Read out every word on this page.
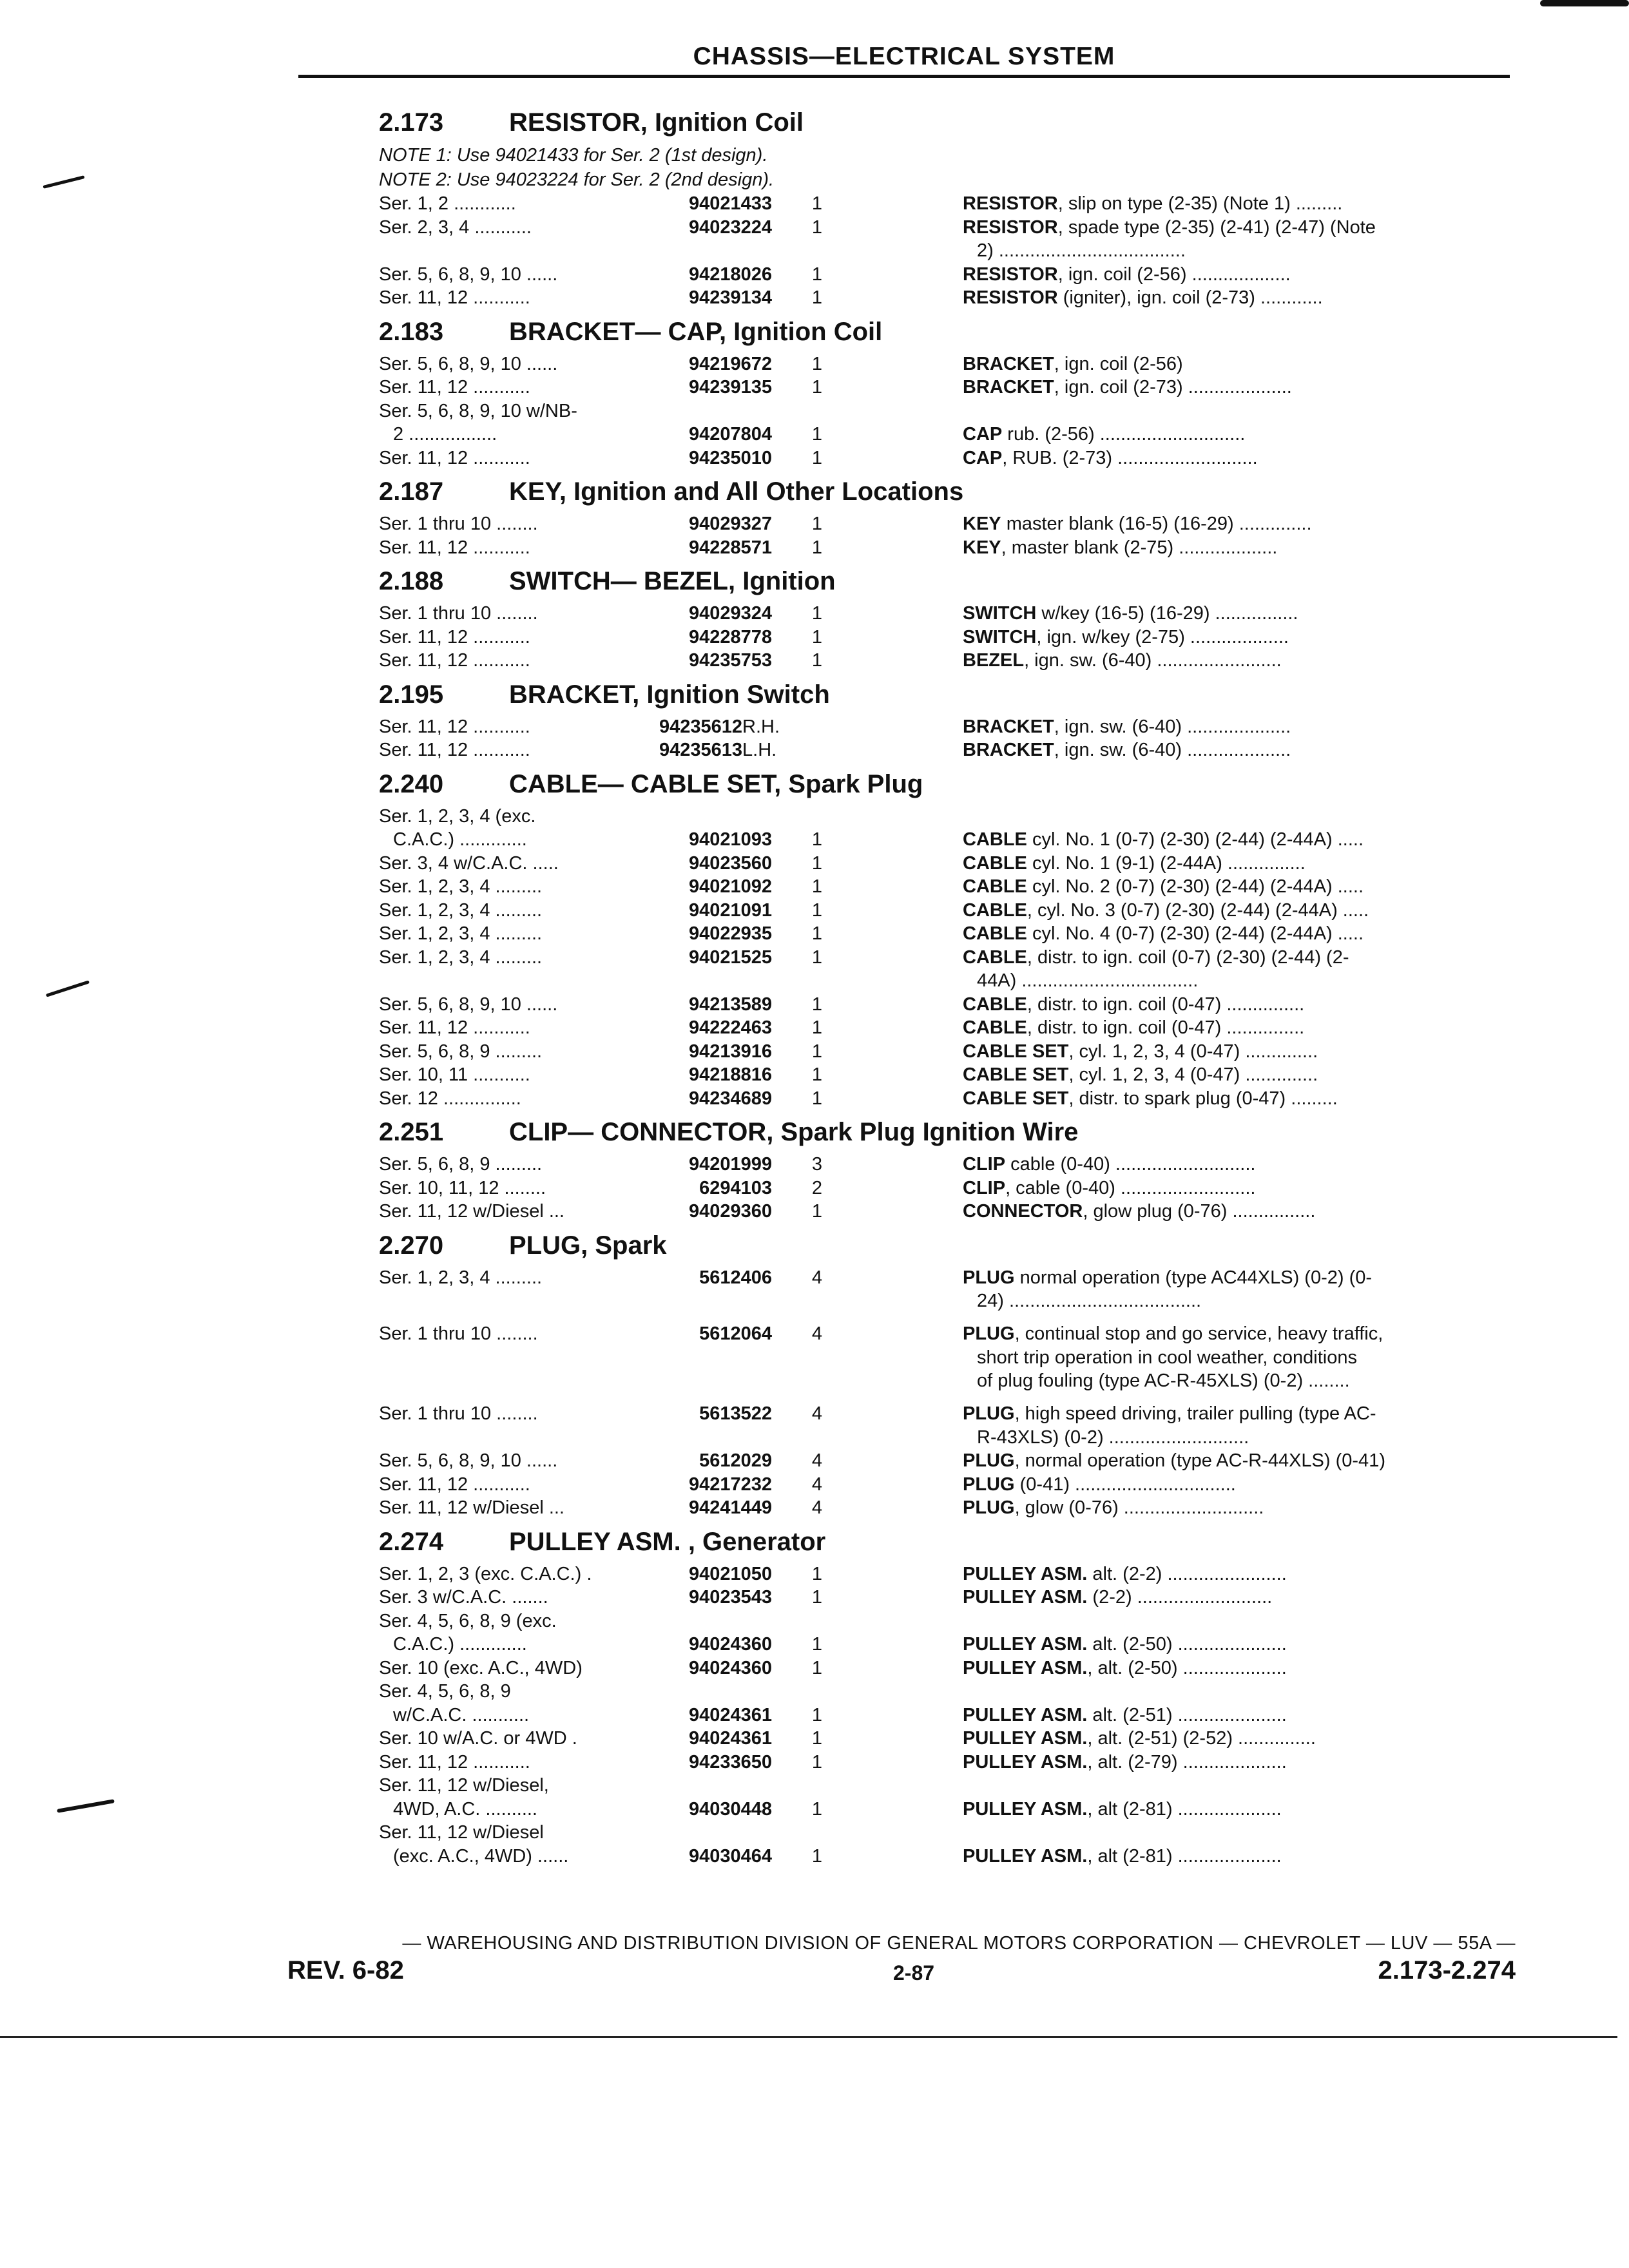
CHASSIS—ELECTRICAL SYSTEM
2.173	RESISTOR, Ignition Coil
NOTE 1: Use 94021433 for Ser. 2 (1st design).
NOTE 2: Use 94023224 for Ser. 2 (2nd design).
Ser. 1, 2 ............	94021433	1	RESISTOR, slip on type (2-35) (Note 1) .........
Ser. 2, 3, 4 ...........	94023224	1	RESISTOR, spade type (2-35) (2-41) (2-47) (Note
2) ....................................
Ser. 5, 6, 8, 9, 10 ......	94218026	1	RESISTOR, ign. coil (2-56) ...................
Ser. 11, 12 ...........	94239134	1	RESISTOR (igniter), ign. coil (2-73) ............
2.183	BRACKET— CAP, Ignition Coil
Ser. 5, 6, 8, 9, 10 ......	94219672	1	BRACKET, ign. coil (2-56)
Ser. 11, 12 ...........	94239135	1	BRACKET, ign. coil (2-73) ....................
Ser. 5, 6, 8, 9, 10 w/NB-
2 .................	94207804	1	CAP rub. (2-56) ............................
Ser. 11, 12 ...........	94235010	1	CAP, RUB. (2-73) ...........................
2.187	KEY, Ignition and All Other Locations
Ser. 1 thru 10 ........	94029327	1	KEY master blank (16-5) (16-29) ..............
Ser. 11, 12 ...........	94228571	1	KEY, master blank (2-75) ...................
2.188	SWITCH— BEZEL, Ignition
Ser. 1 thru 10 ........	94029324	1	SWITCH w/key (16-5) (16-29) ................
Ser. 11, 12 ...........	94228778	1	SWITCH, ign. w/key (2-75) ...................
Ser. 11, 12 ...........	94235753	1	BEZEL, ign. sw. (6-40) ........................
2.195	BRACKET, Ignition Switch
Ser. 11, 12 ...........	94235612R.H.	BRACKET, ign. sw. (6-40) ....................
Ser. 11, 12 ...........	94235613L.H.	BRACKET, ign. sw. (6-40) ....................
2.240	CABLE— CABLE SET, Spark Plug
Ser. 1, 2, 3, 4 (exc.
C.A.C.) .............	94021093	1	CABLE cyl. No. 1 (0-7) (2-30) (2-44) (2-44A) .....
Ser. 3, 4 w/C.A.C. .....	94023560	1	CABLE cyl. No. 1 (9-1) (2-44A) ...............
Ser. 1, 2, 3, 4 .........	94021092	1	CABLE cyl. No. 2 (0-7) (2-30) (2-44) (2-44A) .....
Ser. 1, 2, 3, 4 .........	94021091	1	CABLE, cyl. No. 3 (0-7) (2-30) (2-44) (2-44A) .....
Ser. 1, 2, 3, 4 .........	94022935	1	CABLE cyl. No. 4 (0-7) (2-30) (2-44) (2-44A) .....
Ser. 1, 2, 3, 4 .........	94021525	1	CABLE, distr. to ign. coil (0-7) (2-30) (2-44) (2-
44A) ..................................
Ser. 5, 6, 8, 9, 10 ......	94213589	1	CABLE, distr. to ign. coil (0-47) ...............
Ser. 11, 12 ...........	94222463	1	CABLE, distr. to ign. coil (0-47) ...............
Ser. 5, 6, 8, 9 .........	94213916	1	CABLE SET, cyl. 1, 2, 3, 4 (0-47) ..............
Ser. 10, 11 ...........	94218816	1	CABLE SET, cyl. 1, 2, 3, 4 (0-47) ..............
Ser. 12 ...............	94234689	1	CABLE SET, distr. to spark plug (0-47) .........
2.251	CLIP— CONNECTOR, Spark Plug Ignition Wire
Ser. 5, 6, 8, 9 .........	94201999	3	CLIP cable (0-40) ...........................
Ser. 10, 11, 12 ........	6294103	2	CLIP, cable (0-40) ..........................
Ser. 11, 12 w/Diesel ...	94029360	1	CONNECTOR, glow plug (0-76) ................
2.270	PLUG, Spark
Ser. 1, 2, 3, 4 .........	5612406	4	PLUG normal operation (type AC44XLS) (0-2) (0-
24) .....................................
Ser. 1 thru 10 ........	5612064	4	PLUG, continual stop and go service, heavy traffic,
short trip operation in cool weather, conditions
of plug fouling (type AC-R-45XLS) (0-2) ........
Ser. 1 thru 10 ........	5613522	4	PLUG, high speed driving, trailer pulling (type AC-
R-43XLS) (0-2) ...........................
Ser. 5, 6, 8, 9, 10 ......	5612029	4	PLUG, normal operation (type AC-R-44XLS) (0-41)
Ser. 11, 12 ...........	94217232	4	PLUG (0-41) ...............................
Ser. 11, 12 w/Diesel ...	94241449	4	PLUG, glow (0-76) ...........................
2.274	PULLEY ASM. , Generator
Ser. 1, 2, 3 (exc. C.A.C.) .	94021050	1	PULLEY ASM. alt. (2-2) .......................
Ser. 3 w/C.A.C. .......	94023543	1	PULLEY ASM. (2-2) ..........................
Ser. 4, 5, 6, 8, 9 (exc.
C.A.C.) .............	94024360	1	PULLEY ASM. alt. (2-50) .....................
Ser. 10 (exc. A.C., 4WD)	94024360	1	PULLEY ASM., alt. (2-50) ....................
Ser. 4, 5, 6, 8, 9
w/C.A.C. ...........	94024361	1	PULLEY ASM. alt. (2-51) .....................
Ser. 10 w/A.C. or 4WD .	94024361	1	PULLEY ASM., alt. (2-51) (2-52) ...............
Ser. 11, 12 ...........	94233650	1	PULLEY ASM., alt. (2-79) ....................
Ser. 11, 12 w/Diesel,
4WD, A.C. ..........	94030448	1	PULLEY ASM., alt (2-81) ....................
Ser. 11, 12 w/Diesel
(exc. A.C., 4WD) ......	94030464	1	PULLEY ASM., alt (2-81) ....................
— WAREHOUSING AND DISTRIBUTION DIVISION OF GENERAL MOTORS CORPORATION — CHEVROLET — LUV — 55A —
REV. 6-82	2-87	2.173-2.274
